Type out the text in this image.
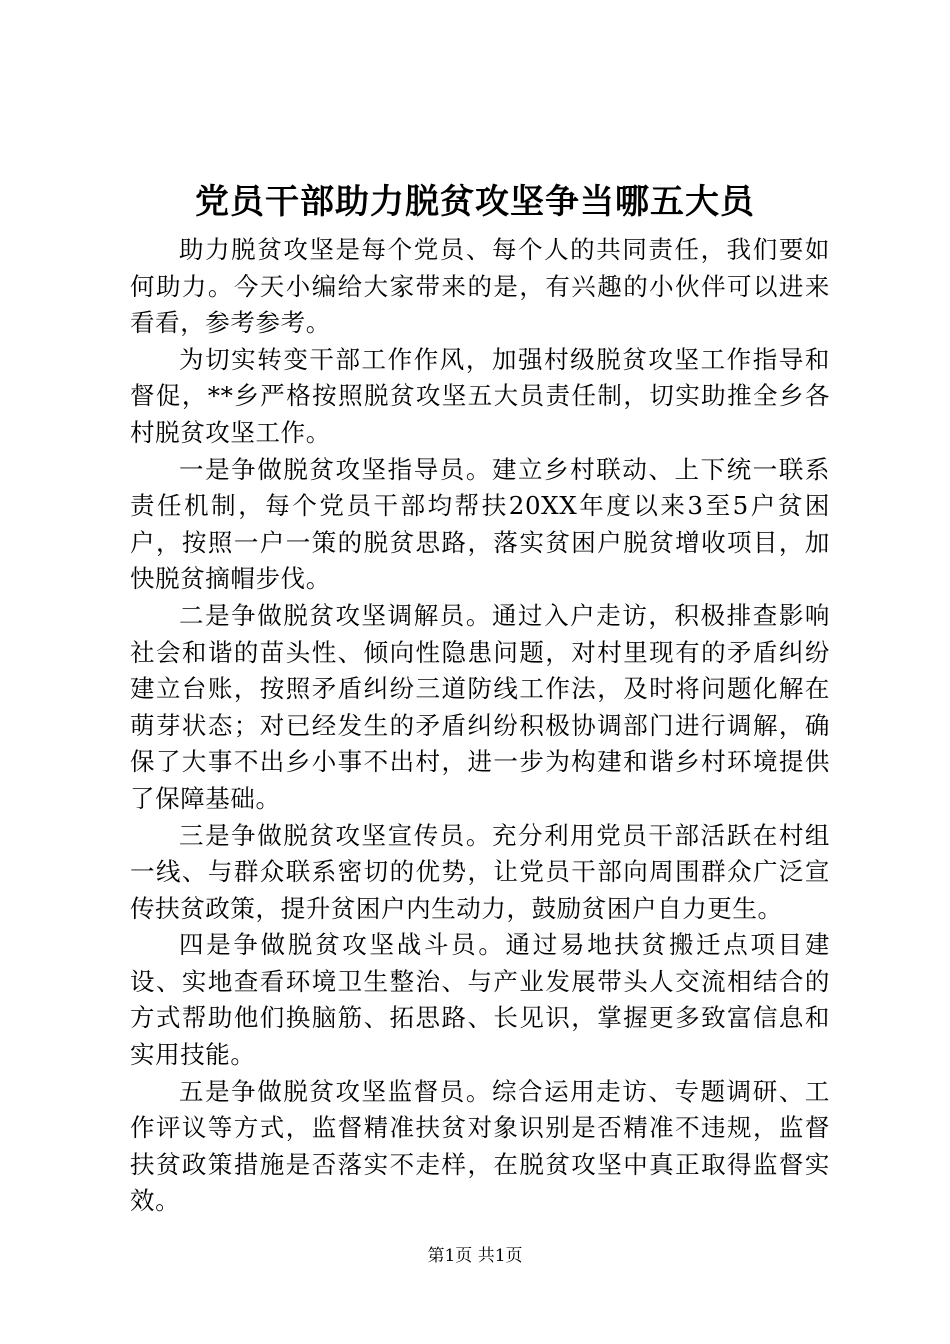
党员干部助力脱贫攻坚争当哪五大员

助力脱贫攻坚是每个党员、每个人的共同责任，我们要如何助力。今天小编给大家带来的是，有兴趣的小伙伴可以进来看看，参考参考。

为切实转变干部工作作风，加强村级脱贫攻坚工作指导和督促，**乡严格按照脱贫攻坚五大员责任制，切实助推全乡各村脱贫攻坚工作。

一是争做脱贫攻坚指导员。建立乡村联动、上下统一联系责任机制，每个党员干部均帮扶20XX年度以来3至5户贫困户，按照一户一策的脱贫思路，落实贫困户脱贫增收项目，加快脱贫摘帽步伐。

二是争做脱贫攻坚调解员。通过入户走访，积极排查影响社会和谐的苗头性、倾向性隐患问题，对村里现有的矛盾纠纷建立台账，按照矛盾纠纷三道防线工作法，及时将问题化解在萌芽状态；对已经发生的矛盾纠纷积极协调部门进行调解，确保了大事不出乡小事不出村，进一步为构建和谐乡村环境提供了保障基础。

三是争做脱贫攻坚宣传员。充分利用党员干部活跃在村组一线、与群众联系密切的优势，让党员干部向周围群众广泛宣传扶贫政策，提升贫困户内生动力，鼓励贫困户自力更生。

四是争做脱贫攻坚战斗员。通过易地扶贫搬迁点项目建设、实地查看环境卫生整治、与产业发展带头人交流相结合的方式帮助他们换脑筋、拓思路、长见识，掌握更多致富信息和实用技能。

五是争做脱贫攻坚监督员。综合运用走访、专题调研、工作评议等方式，监督精准扶贫对象识别是否精准不违规，监督扶贫政策措施是否落实不走样，在脱贫攻坚中真正取得监督实效。

第1页 共1页
